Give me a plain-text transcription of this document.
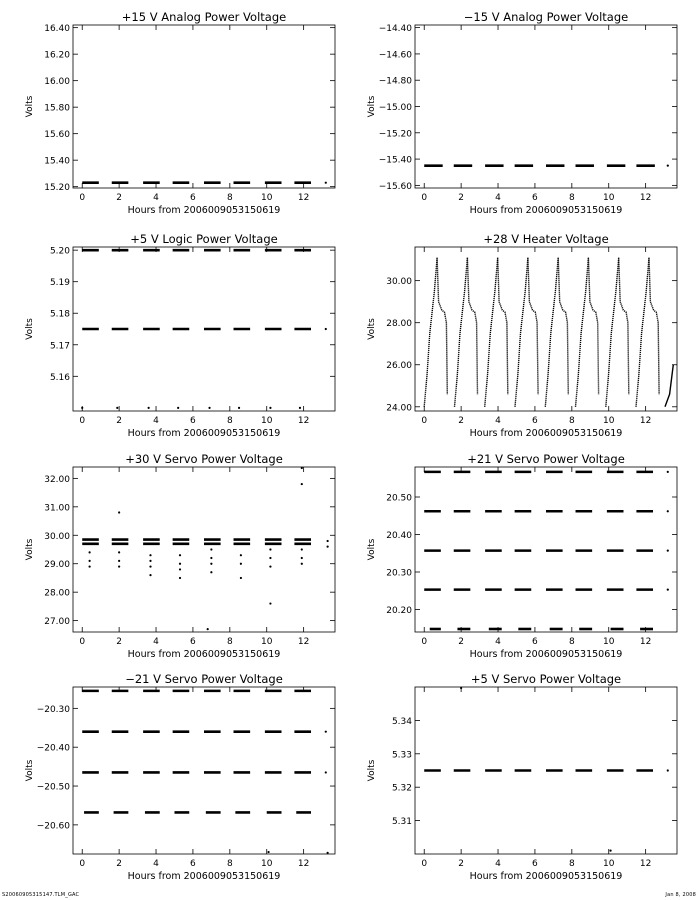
+15 V Analog Power Voltage
Volts
Hours from 2006009053150619
0	2	4	6	8	10	12
15.20
15.40
15.60
15.80
16.00
16.20
16.40
−15 V Analog Power Voltage
Volts
Hours from 2006009053150619
0	2	4	6	8	10	12
−14.40
−14.60
−14.80
−15.00
−15.20
−15.40
−15.60
+5 V Logic Power Voltage
Volts
Hours from 2006009053150619
0	2	4	6	8	10	12
5.16
5.17
5.18
5.19
5.20
+28 V Heater Voltage
Volts
Hours from 2006009053150619
0	2	4	6	8	10	12
24.00
26.00
28.00
30.00
+30 V Servo Power Voltage
Volts
Hours from 2006009053150619
0	2	4	6	8	10	12
27.00
28.00
29.00
30.00
31.00
32.00
+21 V Servo Power Voltage
Volts
Hours from 2006009053150619
0	2	4	6	8	10	12
20.20
20.30
20.40
20.50
−21 V Servo Power Voltage
Volts
Hours from 2006009053150619
0	2	4	6	8	10	12
−20.30
−20.40
−20.50
−20.60
+5 V Servo Power Voltage
Volts
Hours from 2006009053150619
0	2	4	6	8	10	12
5.31
5.32
5.33
5.34
S20060905315147.TLM_GAC	Jan 8, 2008
